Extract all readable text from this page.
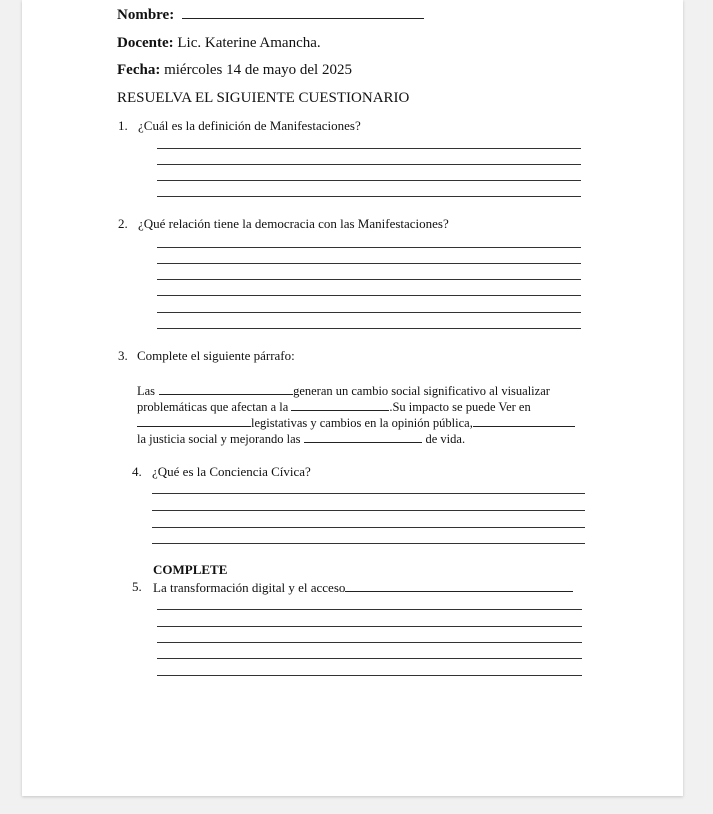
Nombre:
Docente: Lic. Katerine Amancha.
Fecha: miércoles 14 de mayo del 2025
RESUELVA EL SIGUIENTE CUESTIONARIO
1. ¿Cuál es la definición de Manifestaciones?
2. ¿Qué relación tiene la democracia con las Manifestaciones?
3. Complete el siguiente párrafo:
Las	generan un cambio social significativo al visualizar
problemáticas que afectan a la	.Su impacto se puede Ver en
legistativas y cambios en la opinión pública,
la justicia social y mejorando las	de vida.
4. ¿Qué es la Conciencia Cívica?
COMPLETE
5. La transformación digital y el acceso
